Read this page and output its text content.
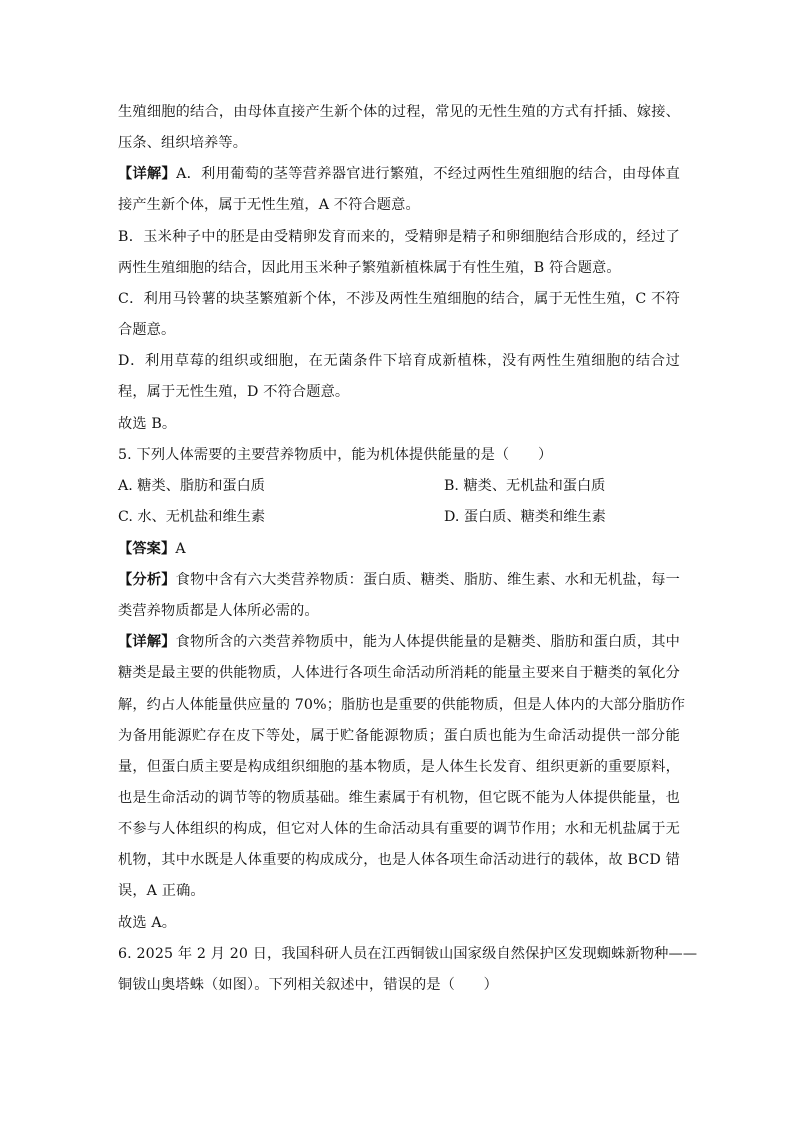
生殖细胞的结合，由母体直接产生新个体的过程，常见的无性生殖的方式有扦插、嫁接、
压条、组织培养等。
【详解】A．利用葡萄的茎等营养器官进行繁殖，不经过两性生殖细胞的结合，由母体直
接产生新个体，属于无性生殖，A 不符合题意。
B．玉米种子中的胚是由受精卵发育而来的，受精卵是精子和卵细胞结合形成的，经过了
两性生殖细胞的结合，因此用玉米种子繁殖新植株属于有性生殖，B 符合题意。
C．利用马铃薯的块茎繁殖新个体，不涉及两性生殖细胞的结合，属于无性生殖，C 不符
合题意。
D．利用草莓的组织或细胞，在无菌条件下培育成新植株，没有两性生殖细胞的结合过
程，属于无性生殖，D 不符合题意。
故选 B。
5. 下列人体需要的主要营养物质中，能为机体提供能量的是（　　）
A. 糖类、脂肪和蛋白质	B. 糖类、无机盐和蛋白质
C. 水、无机盐和维生素	D. 蛋白质、糖类和维生素
【答案】A
【分析】食物中含有六大类营养物质：蛋白质、糖类、脂肪、维生素、水和无机盐，每一
类营养物质都是人体所必需的。
【详解】食物所含的六类营养物质中，能为人体提供能量的是糖类、脂肪和蛋白质，其中
糖类是最主要的供能物质，人体进行各项生命活动所消耗的能量主要来自于糖类的氧化分
解，约占人体能量供应量的 70%；脂肪也是重要的供能物质，但是人体内的大部分脂肪作
为备用能源贮存在皮下等处，属于贮备能源物质；蛋白质也能为生命活动提供一部分能
量，但蛋白质主要是构成组织细胞的基本物质，是人体生长发育、组织更新的重要原料，
也是生命活动的调节等的物质基础。维生素属于有机物，但它既不能为人体提供能量，也
不参与人体组织的构成，但它对人体的生命活动具有重要的调节作用；水和无机盐属于无
机物，其中水既是人体重要的构成成分，也是人体各项生命活动进行的载体，故 BCD 错
误，A 正确。
故选 A。
6. 2025 年 2 月 20 日，我国科研人员在江西铜钹山国家级自然保护区发现蜘蛛新物种——
铜钹山奥塔蛛（如图）。下列相关叙述中，错误的是（　　）
